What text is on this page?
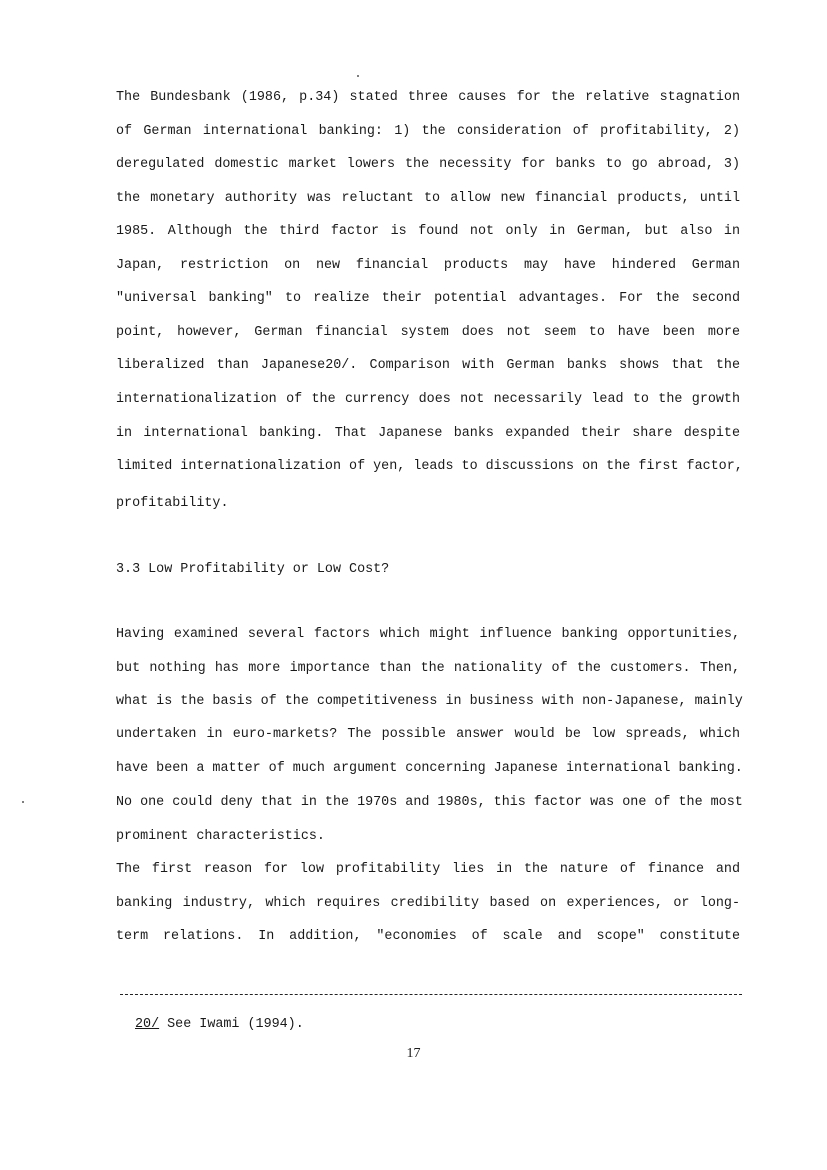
The Bundesbank (1986, p.34) stated three causes for the relative stagnation
of German international banking: 1) the consideration of profitability, 2)
deregulated domestic market lowers the necessity for banks to go abroad, 3)
the monetary authority was reluctant to allow new financial products, until
1985. Although the third factor is found not only in German, but also in
Japan, restriction on new financial products may have hindered German
"universal banking" to realize their potential advantages. For the second
point, however, German financial system does not seem to have been more
liberalized than Japanese20/. Comparison with German banks shows that the
internationalization of the currency does not necessarily lead to the growth
in international banking. That Japanese banks expanded their share despite
limited internationalization of yen, leads to discussions on the first factor,
profitability.
3.3 Low Profitability or Low Cost?
Having examined several factors which might influence banking opportunities,
but nothing has more importance than the nationality of the customers. Then,
what is the basis of the competitiveness in business with non-Japanese, mainly
undertaken in euro-markets? The possible answer would be low spreads, which
have been a matter of much argument concerning Japanese international banking.
No one could deny that in the 1970s and 1980s, this factor was one of the most
prominent characteristics.
The first reason for low profitability lies in the nature of finance and
banking industry, which requires credibility based on experiences, or long-
term relations. In addition, "economies of scale and scope" constitute
20/ See Iwami (1994).
17
